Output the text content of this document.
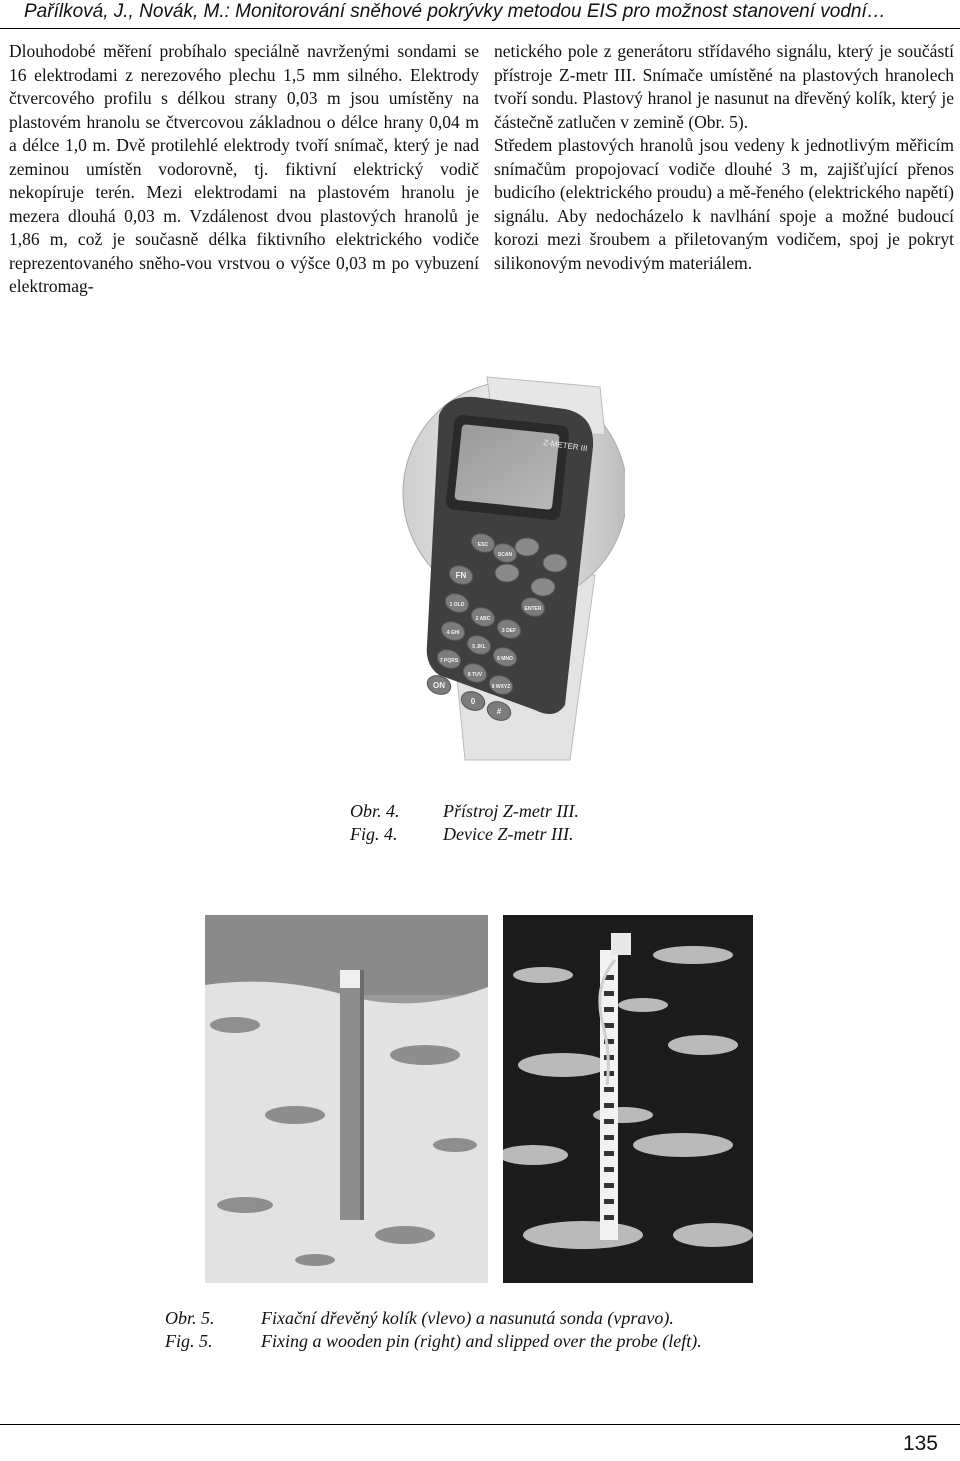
Pařílková, J., Novák, M.: Monitorování sněhové pokrývky metodou EIS pro možnost stanovení vodní…

Dlouhodobé měření probíhalo speciálně navrženými sondami se 16 elektrodami z nerezového plechu 1,5 mm silného. Elektrody čtvercového profilu s délkou strany 0,03 m jsou umístěny na plastovém hranolu se čtvercovou základnou o délce hrany 0,04 m a délce 1,0 m. Dvě protilehlé elektrody tvoří snímač, který je nad zeminou umístěn vodorovně, tj. fiktivní elektrický vodič nekopíruje terén. Mezi elektrodami na plastovém hranolu je mezera dlouhá 0,03 m. Vzdálenost dvou plastových hranolů je 1,86 m, což je současně délka fiktivního elektrického vodiče reprezentovaného sněho-vou vrstvou o výšce 0,03 m po vybuzení elektromag-

netického pole z generátoru střídavého signálu, který je součástí přístroje Z-metr III. Snímače umístěné na plastových hranolech tvoří sondu. Plastový hranol je nasunut na dřevěný kolík, který je částečně zatlučen v zemině (Obr. 5).

Středem plastových hranolů jsou vedeny k jednotlivým měřicím snímačům propojovací vodiče dlouhé 3 m, zajišťující přenos budicího (elektrického proudu) a mě-řeného (elektrického napětí) signálu. Aby nedocházelo k navlhání spoje a možné budoucí korozi mezi šroubem a přiletovaným vodičem, spoj je pokryt silikonovým nevodivým materiálem.

Z-METER III
ESC
SCAN
FN
ENTER
1 OLD
2 ABC
3 DEF
4 GHI
5 JKL
6 MNO
7 PQRS
8 TUV
9 WXYZ
0
#
ON
Obr. 4. Přístroj Z-metr III.
Fig. 4.	Device Z-metr III.
Obr. 5.	Fixační dřevěný kolík (vlevo) a nasunutá sonda (vpravo).
Fig. 5.	Fixing a wooden pin (right) and slipped over the probe (left).
135
